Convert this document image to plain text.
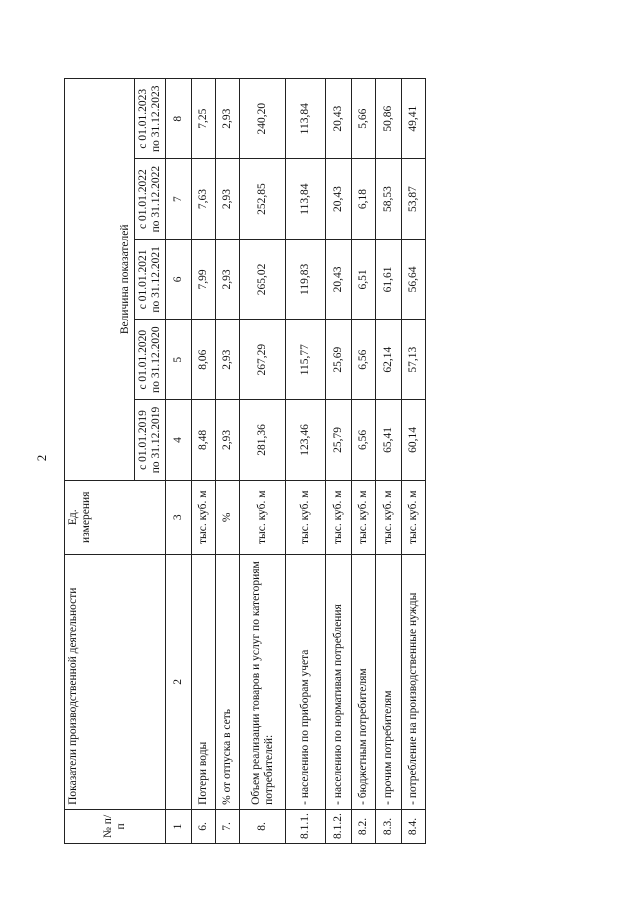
2
№ п/п	Показатели производственной деятельности	Ед. измерения	Величина показателей				
			с 01.01.2019 по 31.12.2019	с 01.01.2020 по 31.12.2020	с 01.01.2021 по 31.12.2021	с 01.01.2022 по 31.12.2022	с 01.01.2023 по 31.12.2023
1	2	3	4	5	6	7	8
6.	Потери воды	тыс. куб. м	8,48	8,06	7,99	7,63	7,25
7.	% от отпуска в сеть	%	2,93	2,93	2,93	2,93	2,93
8.	Объем реализации товаров и услуг по категориям потребителей:	тыс. куб. м	281,36	267,29	265,02	252,85	240,20
8.1.1.	- населению по приборам учета	тыс. куб. м	123,46	115,77	119,83	113,84	113,84
8.1.2.	- населению по нормативам потребления	тыс. куб. м	25,79	25,69	20,43	20,43	20,43
8.2.	- бюджетным потребителям	тыс. куб. м	6,56	6,56	6,51	6,18	5,66
8.3.	- прочим потребителям	тыс. куб. м	65,41	62,14	61,61	58,53	50,86
8.4.	- потребление на производственные нужды	тыс. куб. м	60,14	57,13	56,64	53,87	49,41
